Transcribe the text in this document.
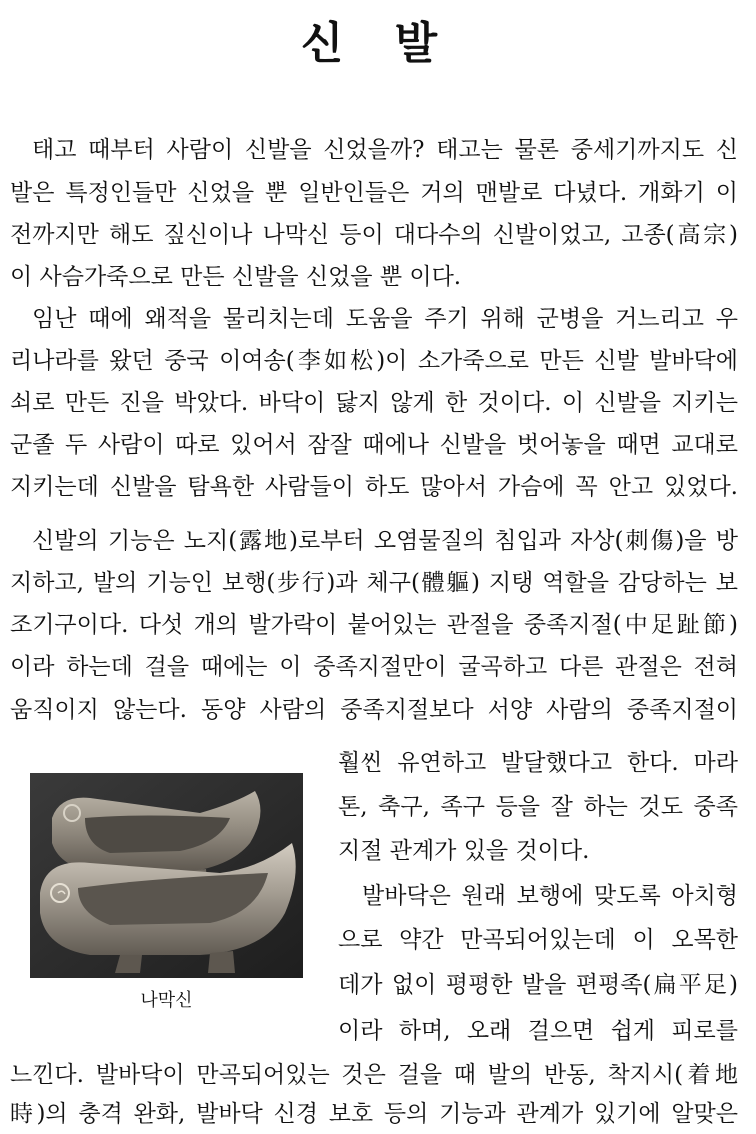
신 발
태고 때부터 사람이 신발을 신었을까? 태고는 물론 중세기까지도 신
발은 특정인들만 신었을 뿐 일반인들은 거의 맨발로 다녔다. 개화기 이
전까지만 해도 짚신이나 나막신 등이 대다수의 신발이었고, 고종(高宗)
이 사슴가죽으로 만든 신발을 신었을 뿐 이다.
임난 때에 왜적을 물리치는데 도움을 주기 위해 군병을 거느리고 우
리나라를 왔던 중국 이여송(李如松)이 소가죽으로 만든 신발 발바닥에
쇠로 만든 진을 박았다. 바닥이 닳지 않게 한 것이다. 이 신발을 지키는
군졸 두 사람이 따로 있어서 잠잘 때에나 신발을 벗어놓을 때면 교대로
지키는데 신발을 탐욕한 사람들이 하도 많아서 가슴에 꼭 안고 있었다.
신발의 기능은 노지(露地)로부터 오염물질의 침입과 자상(刺傷)을 방
지하고, 발의 기능인 보행(步行)과 체구(體軀) 지탱 역할을 감당하는 보
조기구이다. 다섯 개의 발가락이 붙어있는 관절을 중족지절(中足趾節)
이라 하는데 걸을 때에는 이 중족지절만이 굴곡하고 다른 관절은 전혀
움직이지 않는다. 동양 사람의 중족지절보다 서양 사람의 중족지절이
훨씬 유연하고 발달했다고 한다. 마라
톤, 축구, 족구 등을 잘 하는 것도 중족
지절 관계가 있을 것이다.
발바닥은 원래 보행에 맞도록 아치형
으로 약간 만곡되어있는데 이 오목한
데가 없이 평평한 발을 편평족(扁平足)
이라 하며, 오래 걸으면 쉽게 피로를
느낀다. 발바닥이 만곡되어있는 것은 걸을 때 발의 반동, 착지시(着地
時)의 충격 완화, 발바닥 신경 보호 등의 기능과 관계가 있기에 알맞은
나막신
